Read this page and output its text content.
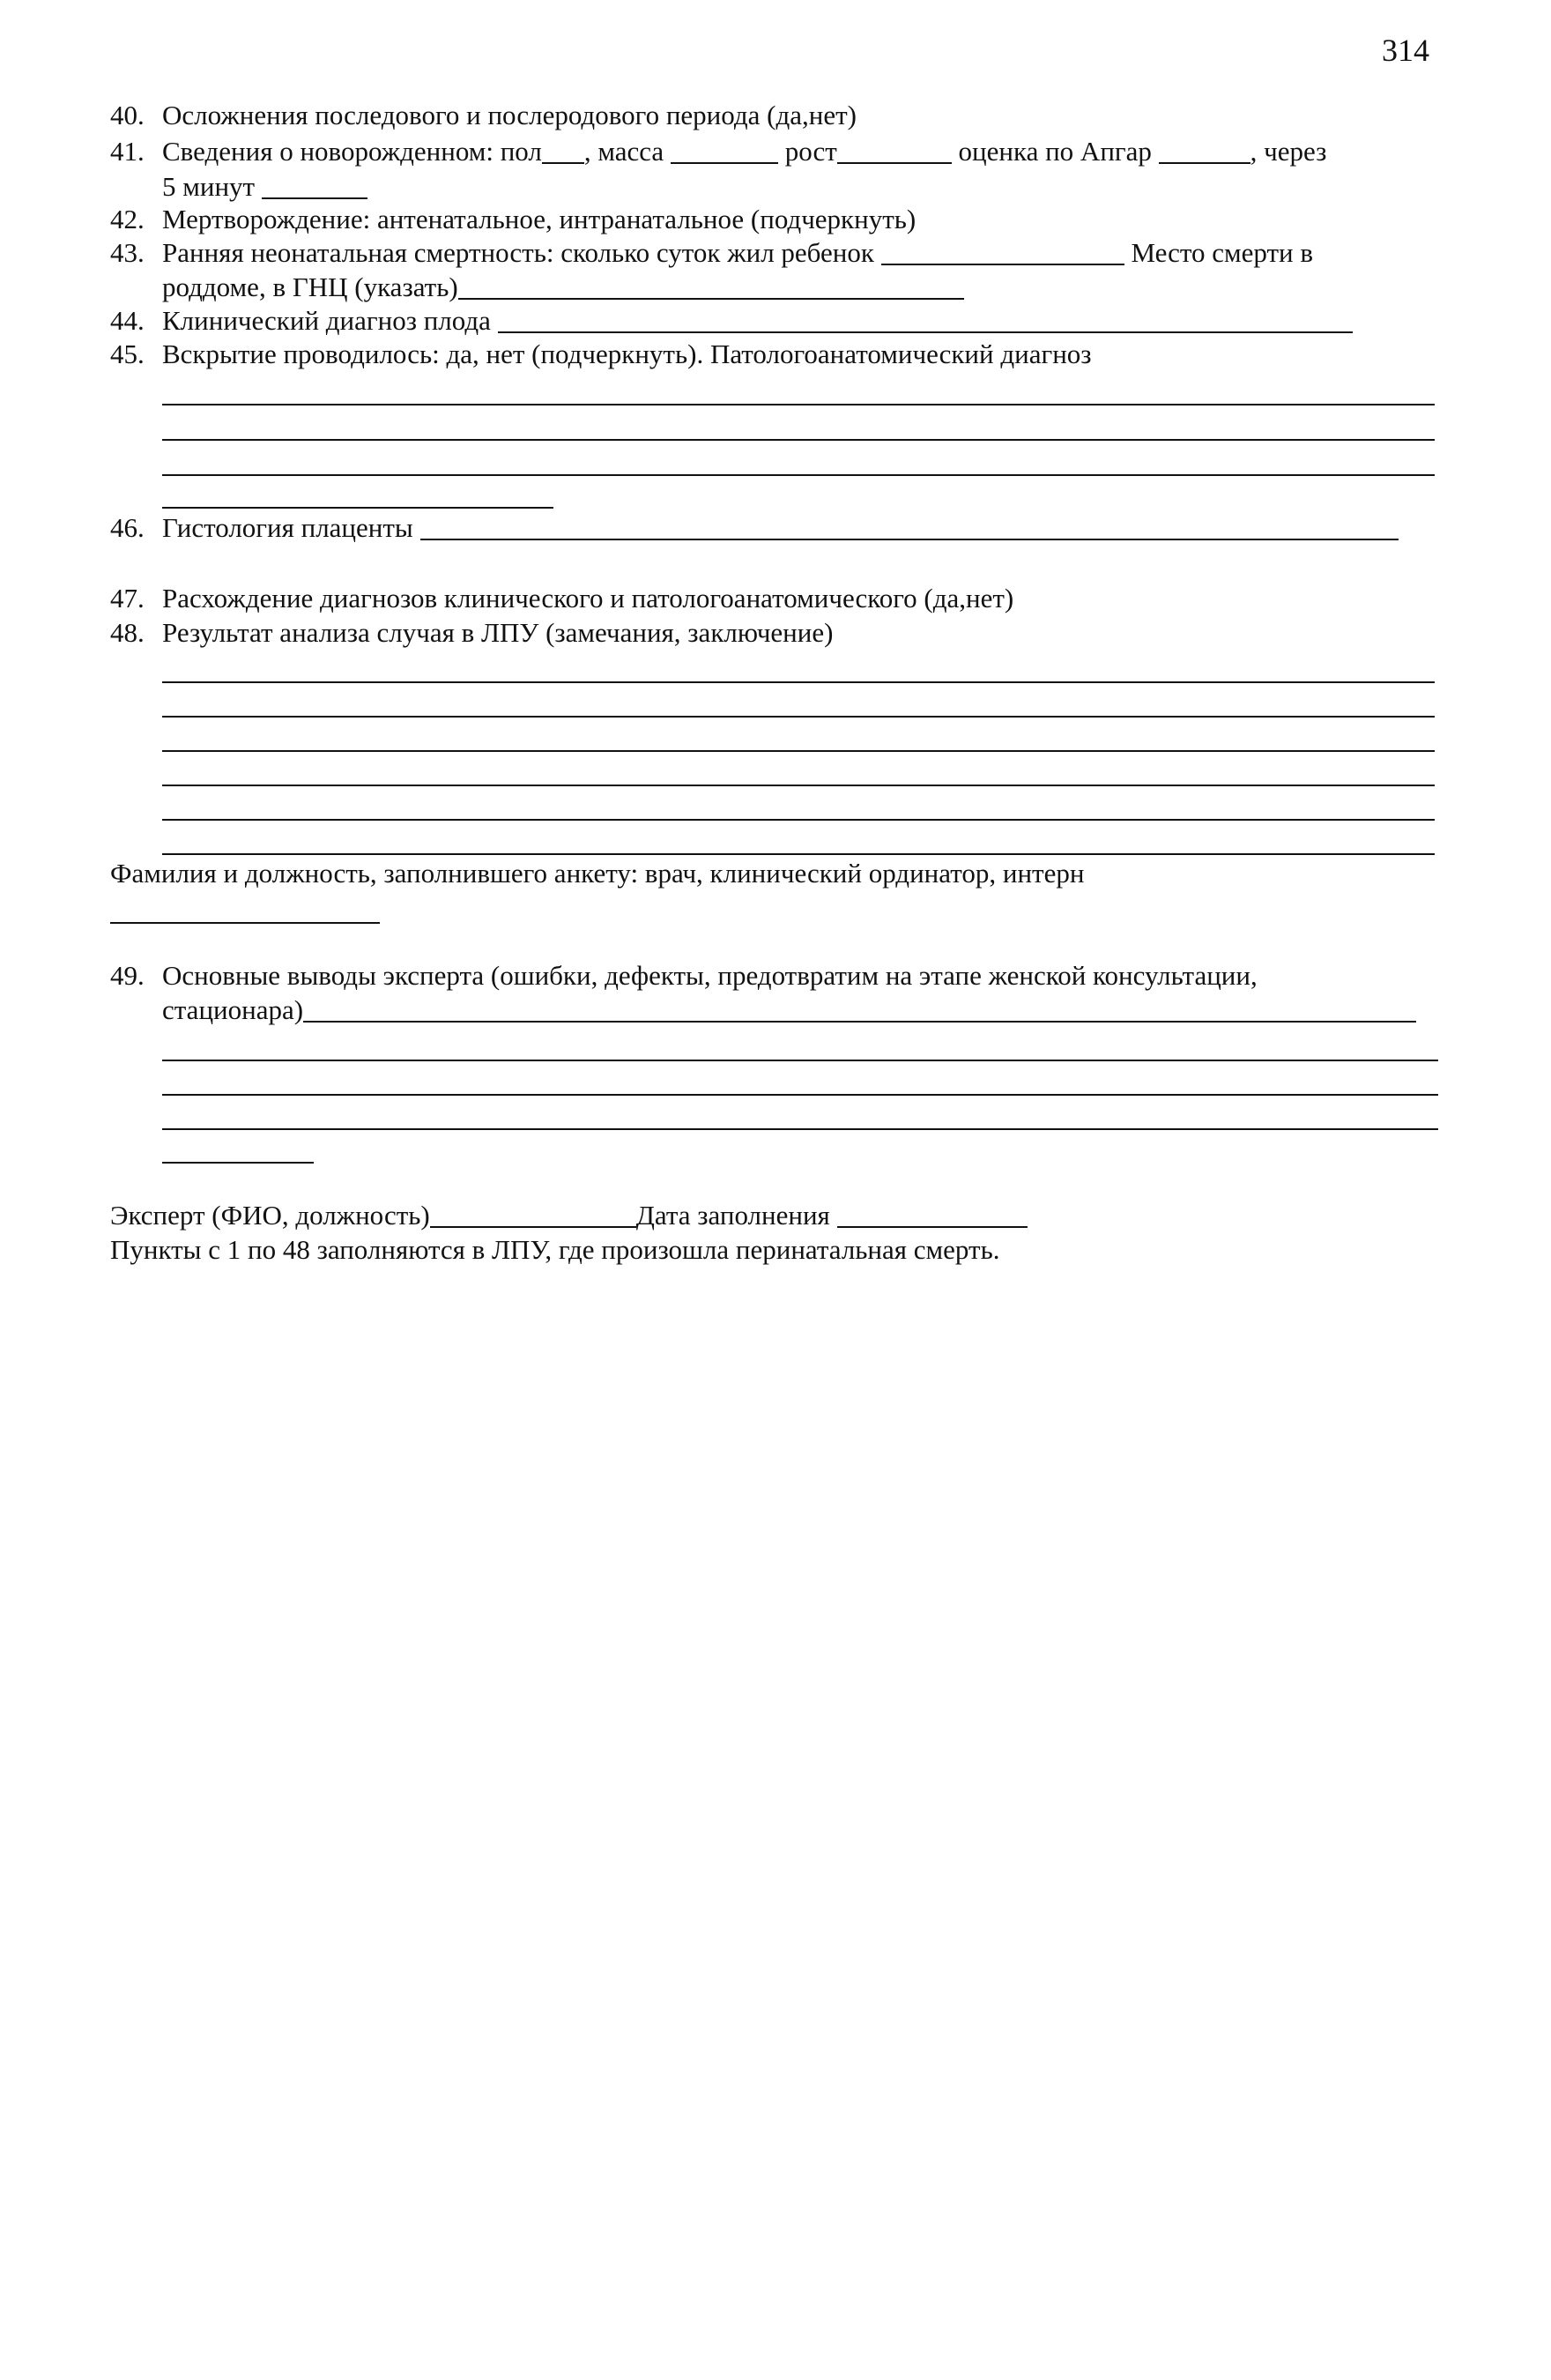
314
40. Осложнения последового и послеродового периода (да,нет)
41. Сведения о новорожденном: пол , масса	рост	оценка по Апгар	, через
5 минут
42. Мертворождение: антенатальное, интранатальное (подчеркнуть)
43. Ранняя неонатальная смертность: сколько суток жил ребенок	Место смерти в
роддоме, в ГНЦ (указать)
44. Клинический диагноз плода
45. Вскрытие проводилось: да, нет (подчеркнуть). Патологоанатомический диагноз
46. Гистология плаценты
47. Расхождение диагнозов клинического и патологоанатомического (да,нет)
48. Результат анализа случая в ЛПУ (замечания, заключение)
Фамилия и должность, заполнившего анкету: врач, клинический ординатор, интерн
49. Основные выводы эксперта (ошибки, дефекты, предотвратим на этапе женской консультации,
стационара)
Эксперт (ФИО, должность)	Дата заполнения
Пункты с 1 по 48 заполняются в ЛПУ, где произошла перинатальная смерть.
